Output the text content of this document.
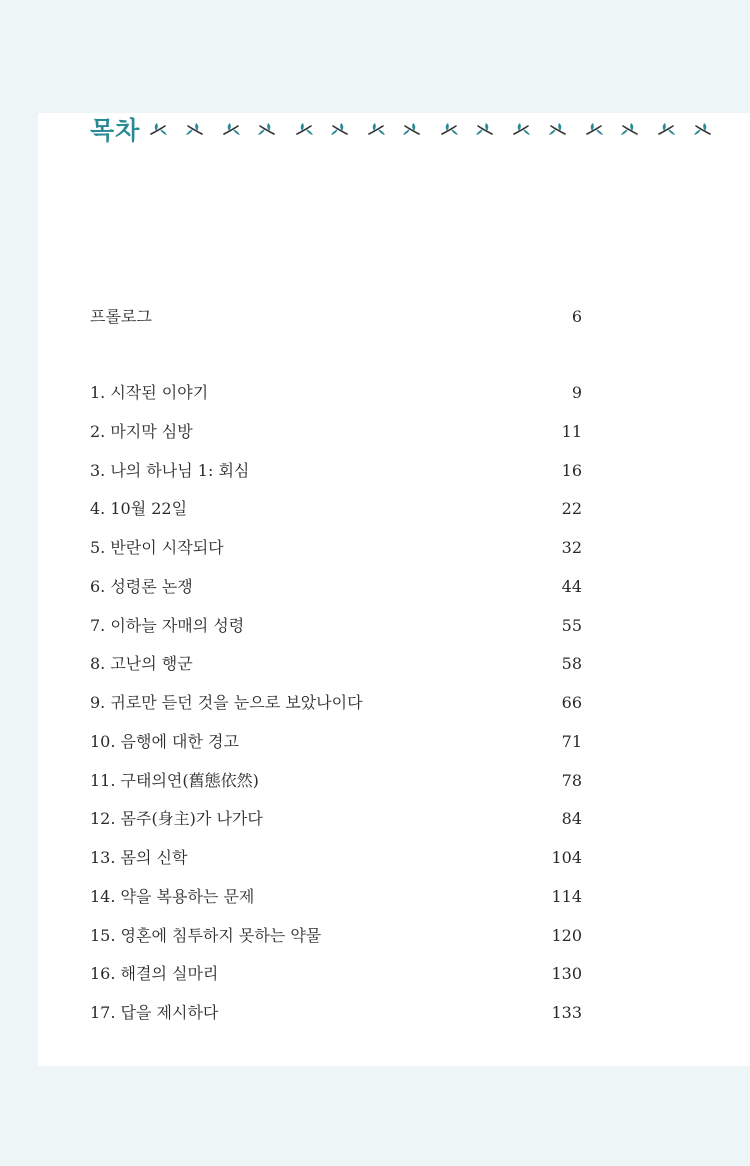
목차
프롤로그	6
1. 시작된 이야기	9
2. 마지막 심방	11
3. 나의 하나님 1: 회심	16
4. 10월 22일	22
5. 반란이 시작되다	32
6. 성령론 논쟁	44
7. 이하늘 자매의 성령	55
8. 고난의 행군	58
9. 귀로만 듣던 것을 눈으로 보았나이다	66
10. 음행에 대한 경고	71
11. 구태의연(舊態依然)	78
12. 몸주(身主)가 나가다	84
13. 몸의 신학	104
14. 약을 복용하는 문제	114
15. 영혼에 침투하지 못하는 약물	120
16. 해결의 실마리	130
17. 답을 제시하다	133
